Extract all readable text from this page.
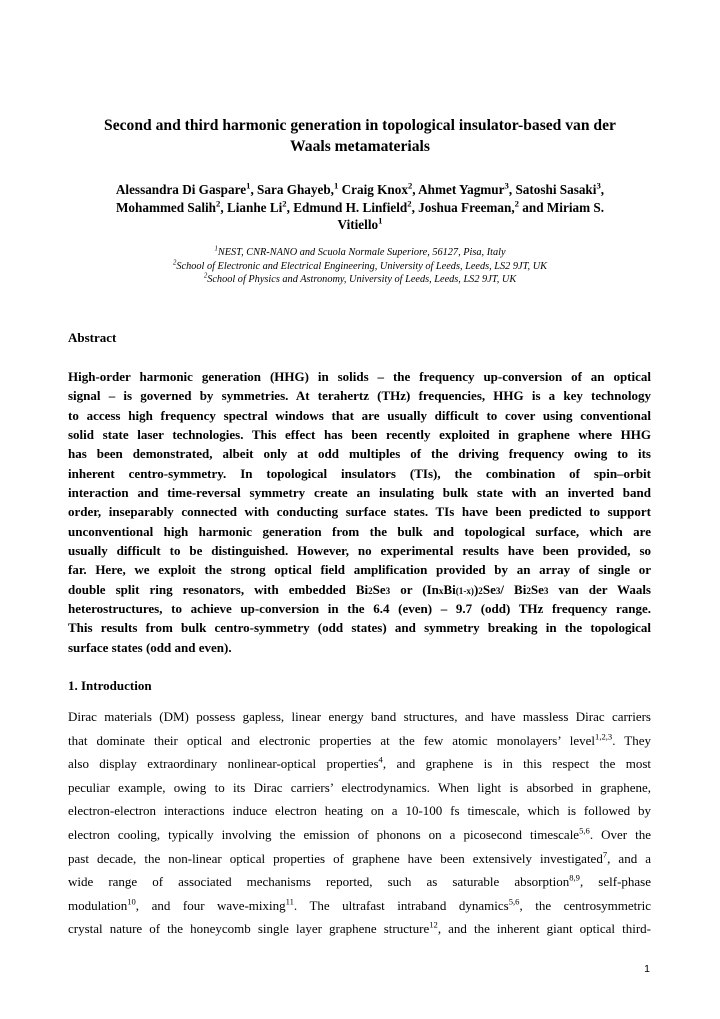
Second and third harmonic generation in topological insulator-based van der
Waals metamaterials
Alessandra Di Gaspare$^1$, Sara Ghayeb,$^1$ Craig Knox$^2$, Ahmet Yagmur$^3$, Satoshi Sasaki$^3$,
Mohammed Salih$^2$, Lianhe Li$^2$, Edmund H. Linfield$^2$, Joshua Freeman,$^2$ and Miriam S.
Vitiello$^1$
$^1$NEST, CNR-NANO and Scuola Normale Superiore, 56127, Pisa, Italy
$^2$School of Electronic and Electrical Engineering, University of Leeds, Leeds, LS2 9JT, UK
$^2$School of Physics and Astronomy, University of Leeds, Leeds, LS2 9JT, UK
Abstract
High-order harmonic generation (HHG) in solids – the frequency up-conversion of an optical
signal – is governed by symmetries. At terahertz (THz) frequencies, HHG is a key technology
to access high frequency spectral windows that are usually difficult to cover using conventional
solid state laser technologies. This effect has been recently exploited in graphene where HHG
has been demonstrated, albeit only at odd multiples of the driving frequency owing to its
inherent centro-symmetry. In topological insulators (TIs), the combination of spin–orbit
interaction and time-reversal symmetry create an insulating bulk state with an inverted band
order, inseparably connected with conducting surface states. TIs have been predicted to support
unconventional high harmonic generation from the bulk and topological surface, which are
usually difficult to be distinguished. However, no experimental results have been provided, so
far. Here, we exploit the strong optical field amplification provided by an array of single or
double split ring resonators, with embedded Bi2Se3 or (InxBi(1-x))2Se3/ Bi2Se3 van der Waals
heterostructures, to achieve up-conversion in the 6.4 (even) – 9.7 (odd) THz frequency range.
This results from bulk centro-symmetry (odd states) and symmetry breaking in the topological
surface states (odd and even).
1. Introduction
Dirac materials (DM) possess gapless, linear energy band structures, and have massless Dirac carriers
that dominate their optical and electronic properties at the few atomic monolayers’ level$^{1,2,3}$. They
also display extraordinary nonlinear-optical properties$^4$, and graphene is in this respect the most
peculiar example, owing to its Dirac carriers’ electrodynamics. When light is absorbed in graphene,
electron-electron interactions induce electron heating on a 10-100 fs timescale, which is followed by
electron cooling, typically involving the emission of phonons on a picosecond timescale$^{5,6}$. Over the
past decade, the non-linear optical properties of graphene have been extensively investigated$^7$, and a
wide range of associated mechanisms reported, such as saturable absorption$^{8,9}$, self-phase
modulation$^{10}$, and four wave-mixing$^{11}$. The ultrafast intraband dynamics$^{5,6}$, the centrosymmetric
crystal nature of the honeycomb single layer graphene structure$^{12}$, and the inherent giant optical third-
1
